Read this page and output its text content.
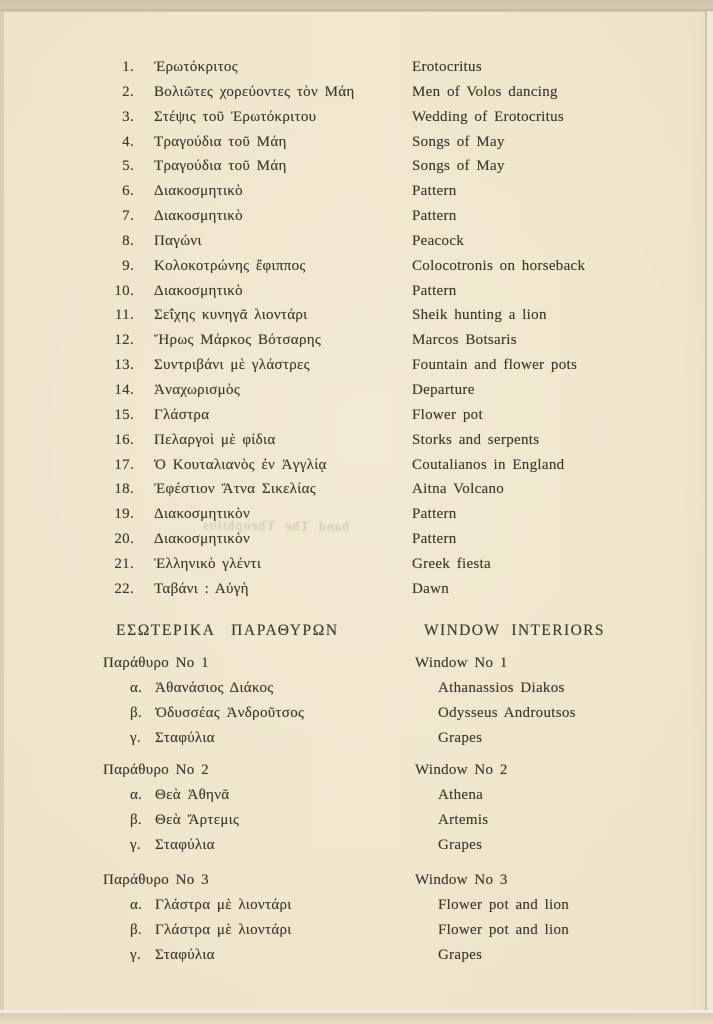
band The Theophilos
1. Ἐρωτόκριτος	Erotocritus
2. Βολιῶτες χορεύοντες τὸν Μάη	Men of Volos dancing
3. Στέψις τοῦ Ἐρωτόκριτου	Wedding of Erotocritus
4. Τραγούδια τοῦ Μάη	Songs of May
5. Τραγούδια τοῦ Μάη	Songs of May
6. Διακοσμητικὸ	Pattern
7. Διακοσμητικὸ	Pattern
8. Παγώνι	Peacock
9. Κολοκοτρώνης ἔφιππος	Colocotronis on horseback
10. Διακοσμητικὸ	Pattern
11. Σεΐχης κυνηγᾶ λιοντάρι	Sheik hunting a lion
12. Ἥρως Μάρκος Βότσαρης	Marcos Botsaris
13. Συντριβάνι μὲ γλάστρες	Fountain and flower pots
14. Ἀναχωρισμὸς	Departure
15. Γλάστρα	Flower pot
16. Πελαργοὶ μὲ φίδια	Storks and serpents
17. Ὁ Κουταλιανὸς ἐν Ἀγγλίᾳ	Coutalianos in England
18. Ἐφέστιον Ἄτνα Σικελίας	Aitna Volcano
19. Διακοσμητικὸν	Pattern
20. Διακοσμητικὸν	Pattern
21. Ἑλληνικὸ γλέντι	Greek fiesta
22. Ταβάνι : Αὐγὴ	Dawn
ΕΣΩΤΕΡΙΚΑ ΠΑΡΑΘΥΡΩΝ	WINDOW INTERIORS
Παράθυρο No 1	Window No 1
α. Ἀθανάσιος Διάκος	Athanassios Diakos
β. Ὀδυσσέας Ἀνδροῦτσος	Odysseus Androutsos
γ. Σταφύλια	Grapes
Παράθυρο No 2	Window No 2
α. Θεὰ Ἀθηνᾶ	Athena
β. Θεὰ Ἄρτεμις	Artemis
γ. Σταφύλια	Grapes
Παράθυρο No 3	Window No 3
α. Γλάστρα μὲ λιοντάρι	Flower pot and lion
β. Γλάστρα μὲ λιοντάρι	Flower pot and lion
γ. Σταφύλια	Grapes
